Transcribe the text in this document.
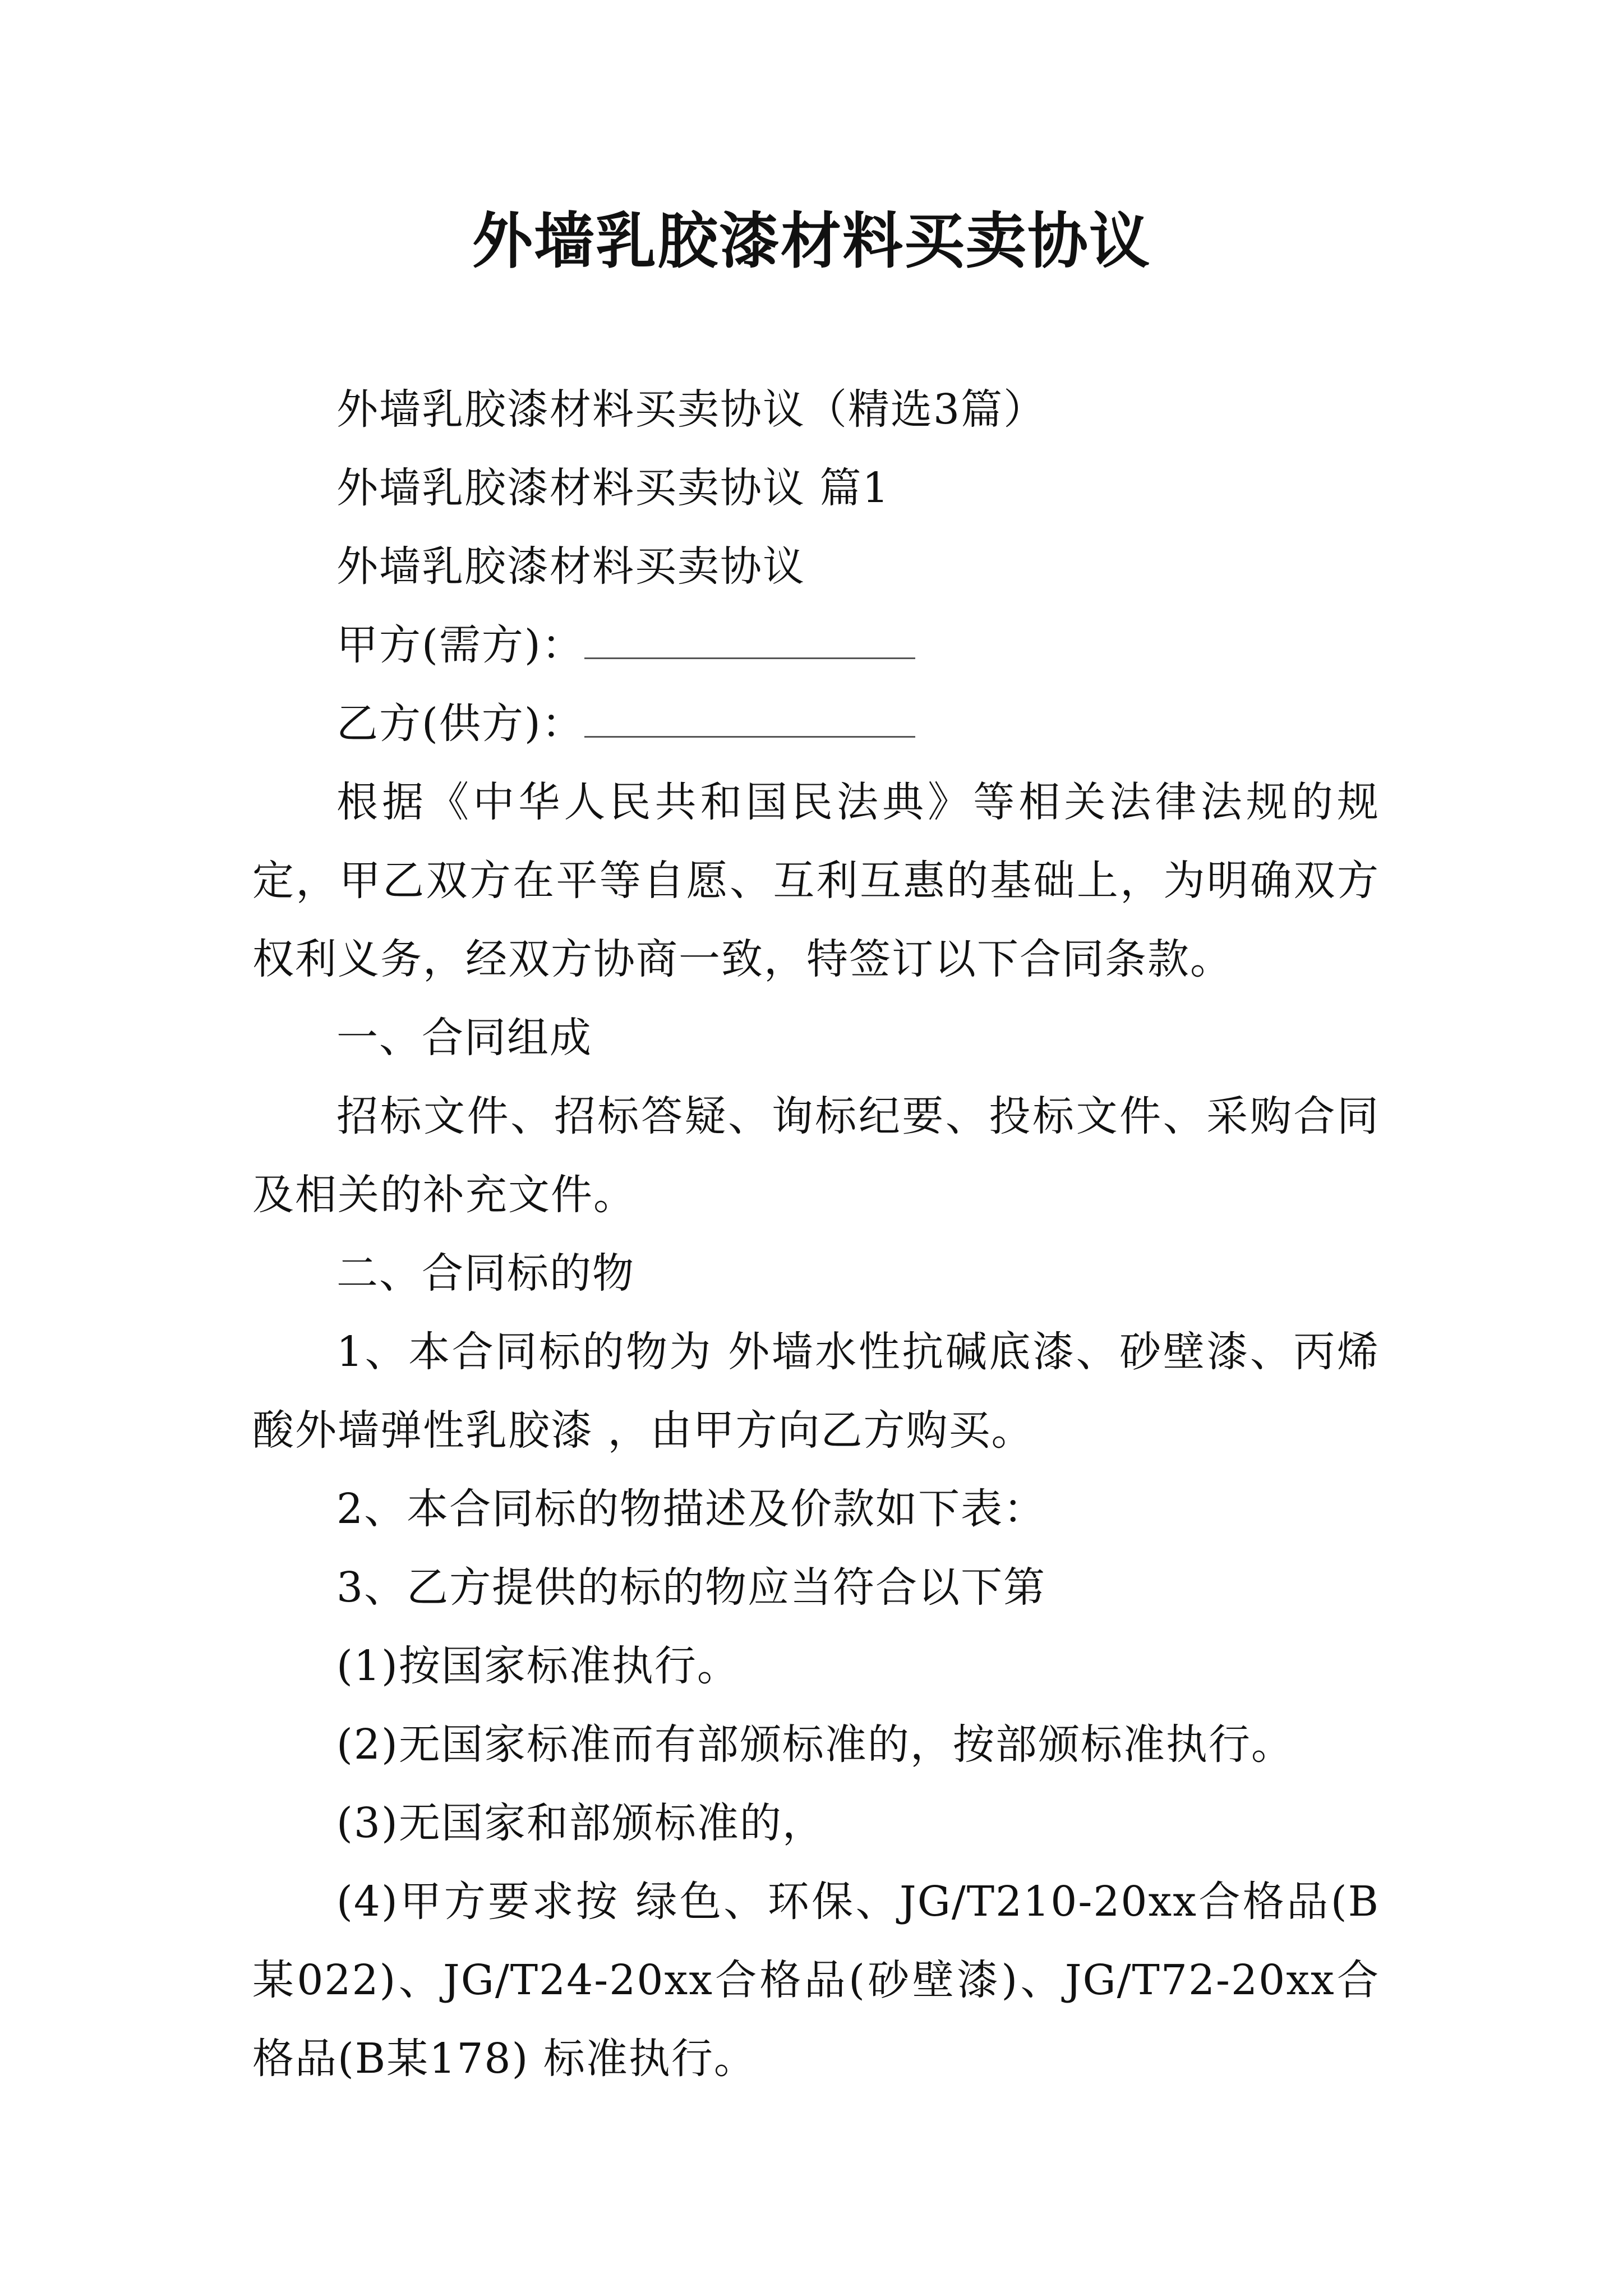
外墙乳胶漆材料买卖协议

外墙乳胶漆材料买卖协议（精选3篇）

外墙乳胶漆材料买卖协议 篇1

外墙乳胶漆材料买卖协议

甲方(需方)：

乙方(供方)：

根据《中华人民共和国民法典》等相关法律法规的规定，甲乙双方在平等自愿、互利互惠的基础上，为明确双方权利义务，经双方协商一致，特签订以下合同条款。

一、合同组成

招标文件、招标答疑、询标纪要、投标文件、采购合同及相关的补充文件。

二、合同标的物

1、本合同标的物为 外墙水性抗碱底漆、砂壁漆、丙烯酸外墙弹性乳胶漆 ，由甲方向乙方购买。

2、本合同标的物描述及价款如下表：

3、乙方提供的标的物应当符合以下第

(1)按国家标准执行。

(2)无国家标准而有部颁标准的，按部颁标准执行。

(3)无国家和部颁标准的，

(4)甲方要求按 绿色、环保、JG/T210-20xx合格品(B某022)、JG/T24-20xx合格品(砂壁漆)、JG/T72-20xx合格品(B某178) 标准执行。
